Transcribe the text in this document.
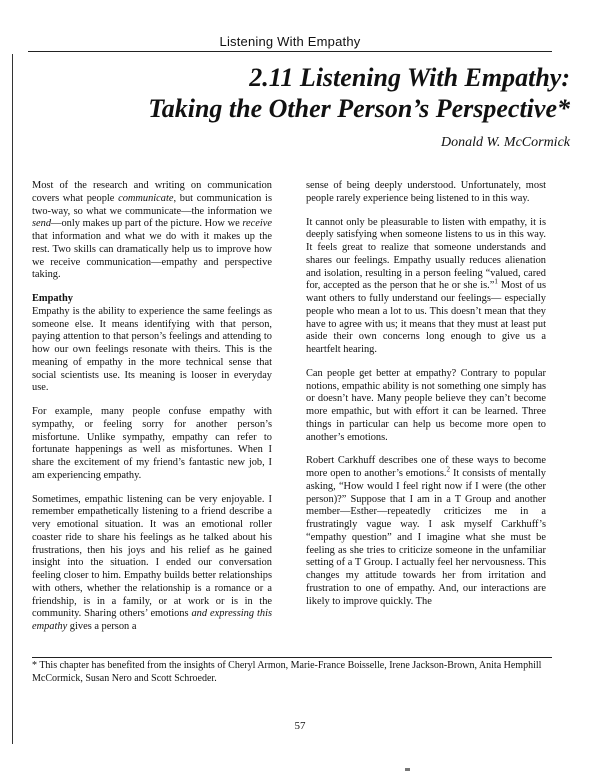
Listening With Empathy
2.11 Listening With Empathy:
Taking the Other Person’s Perspective*
Donald W. McCormick

Most of the research and writing on communication covers what people communicate, but communication is two-way, so what we communicate—the information we send—only makes up part of the picture. How we receive that information and what we do with it makes up the rest. Two skills can dramatically help us to improve how we receive communication—empathy and perspective taking.

Empathy

Empathy is the ability to experience the same feelings as someone else. It means identifying with that person, paying attention to that person’s feelings and attending to how our own feelings resonate with theirs. This is the meaning of empathy in the more technical sense that social scientists use. Its meaning is looser in everyday use.

For example, many people confuse empathy with sympathy, or feeling sorry for another person’s misfortune. Unlike sympathy, empathy can refer to fortunate happenings as well as misfortunes. When I share the excitement of my friend’s fantastic new job, I am experiencing empathy.

Sometimes, empathic listening can be very enjoyable. I remember empathetically listening to a friend describe a very emotional situation. It was an emotional roller coaster ride to share his feelings as he talked about his frustrations, then his joys and his relief as he gained insight into the situation. I ended our conversation feeling closer to him. Empathy builds better relationships with others, whether the relationship is a romance or a friendship, is in a family, or at work or is in the community. Sharing others’ emotions and expressing this empathy gives a person a

sense of being deeply understood. Unfortunately, most people rarely experience being listened to in this way.

It cannot only be pleasurable to listen with empathy, it is deeply satisfying when someone listens to us in this way. It feels great to realize that someone understands and shares our feelings. Empathy usually reduces alienation and isolation, resulting in a person feeling “valued, cared for, accepted as the person that he or she is.”$^1$ Most of us want others to fully understand our feelings— especially people who mean a lot to us. This doesn’t mean that they have to agree with us; it means that they must at least put aside their own concerns long enough to give us a heartfelt hearing.

Can people get better at empathy? Contrary to popular notions, empathic ability is not something one simply has or doesn’t have. Many people believe they can’t become more empathic, but with effort it can be learned. Three things in particular can help us become more open to another’s emotions.

Robert Carkhuff describes one of these ways to become more open to another’s emotions.$^2$ It consists of mentally asking, “How would I feel right now if I were (the other person)?” Suppose that I am in a T Group and another member—Esther—repeatedly criticizes me in a frustratingly vague way. I ask myself Carkhuff’s “empathy question” and I imagine what she must be feeling as she tries to criticize someone in the unfamiliar setting of a T Group. I actually feel her nervousness. This changes my attitude towards her from irritation and frustration to one of empathy. And, our interactions are likely to improve quickly. The

* This chapter has benefited from the insights of Cheryl Armon, Marie-France Boisselle, Irene Jackson-Brown, Anita Hemphill McCormick, Susan Nero and Scott Schroeder.
57
